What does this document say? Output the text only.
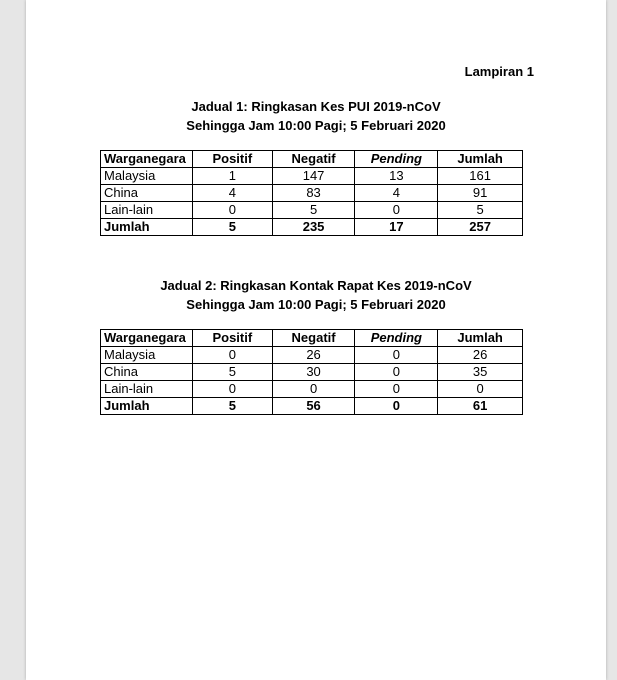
Lampiran 1

Jadual 1: Ringkasan Kes PUI 2019-nCoV
Sehingga Jam 10:00 Pagi; 5 Februari 2020

Warganegara	Positif	Negatif	Pending	Jumlah
Malaysia	1	147	13	161
China	4	83	4	91
Lain-lain	0	5	0	5
Jumlah	5	235	17	257

Jadual 2: Ringkasan Kontak Rapat Kes 2019-nCoV
Sehingga Jam 10:00 Pagi; 5 Februari 2020

Warganegara	Positif	Negatif	Pending	Jumlah
Malaysia	0	26	0	26
China	5	30	0	35
Lain-lain	0	0	0	0
Jumlah	5	56	0	61
